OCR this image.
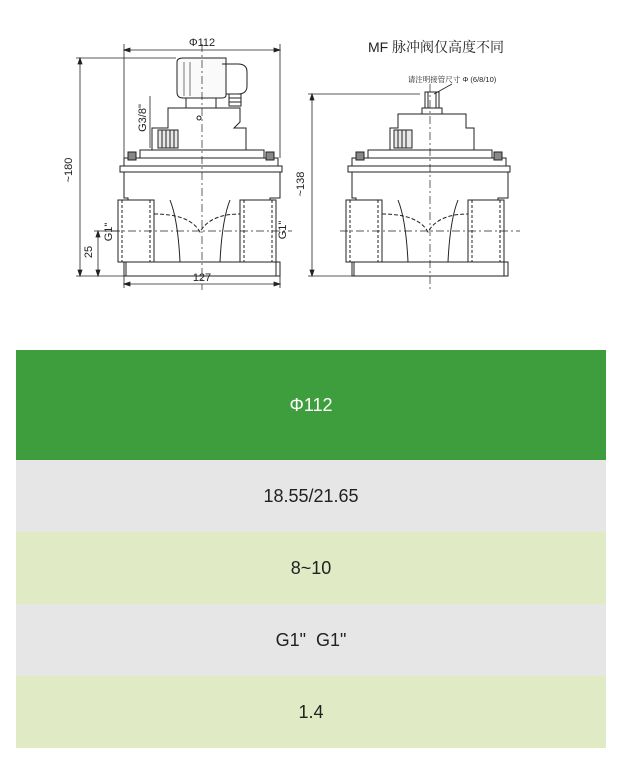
Φ112
~180
25
G1"
G3/8"
G1"
127
~138
MF 脉冲阀仅高度不同
请注明接管尺寸 Φ (6/8/10)
Φ112
18.55/21.65
8~10
G1"  G1"
1.4
